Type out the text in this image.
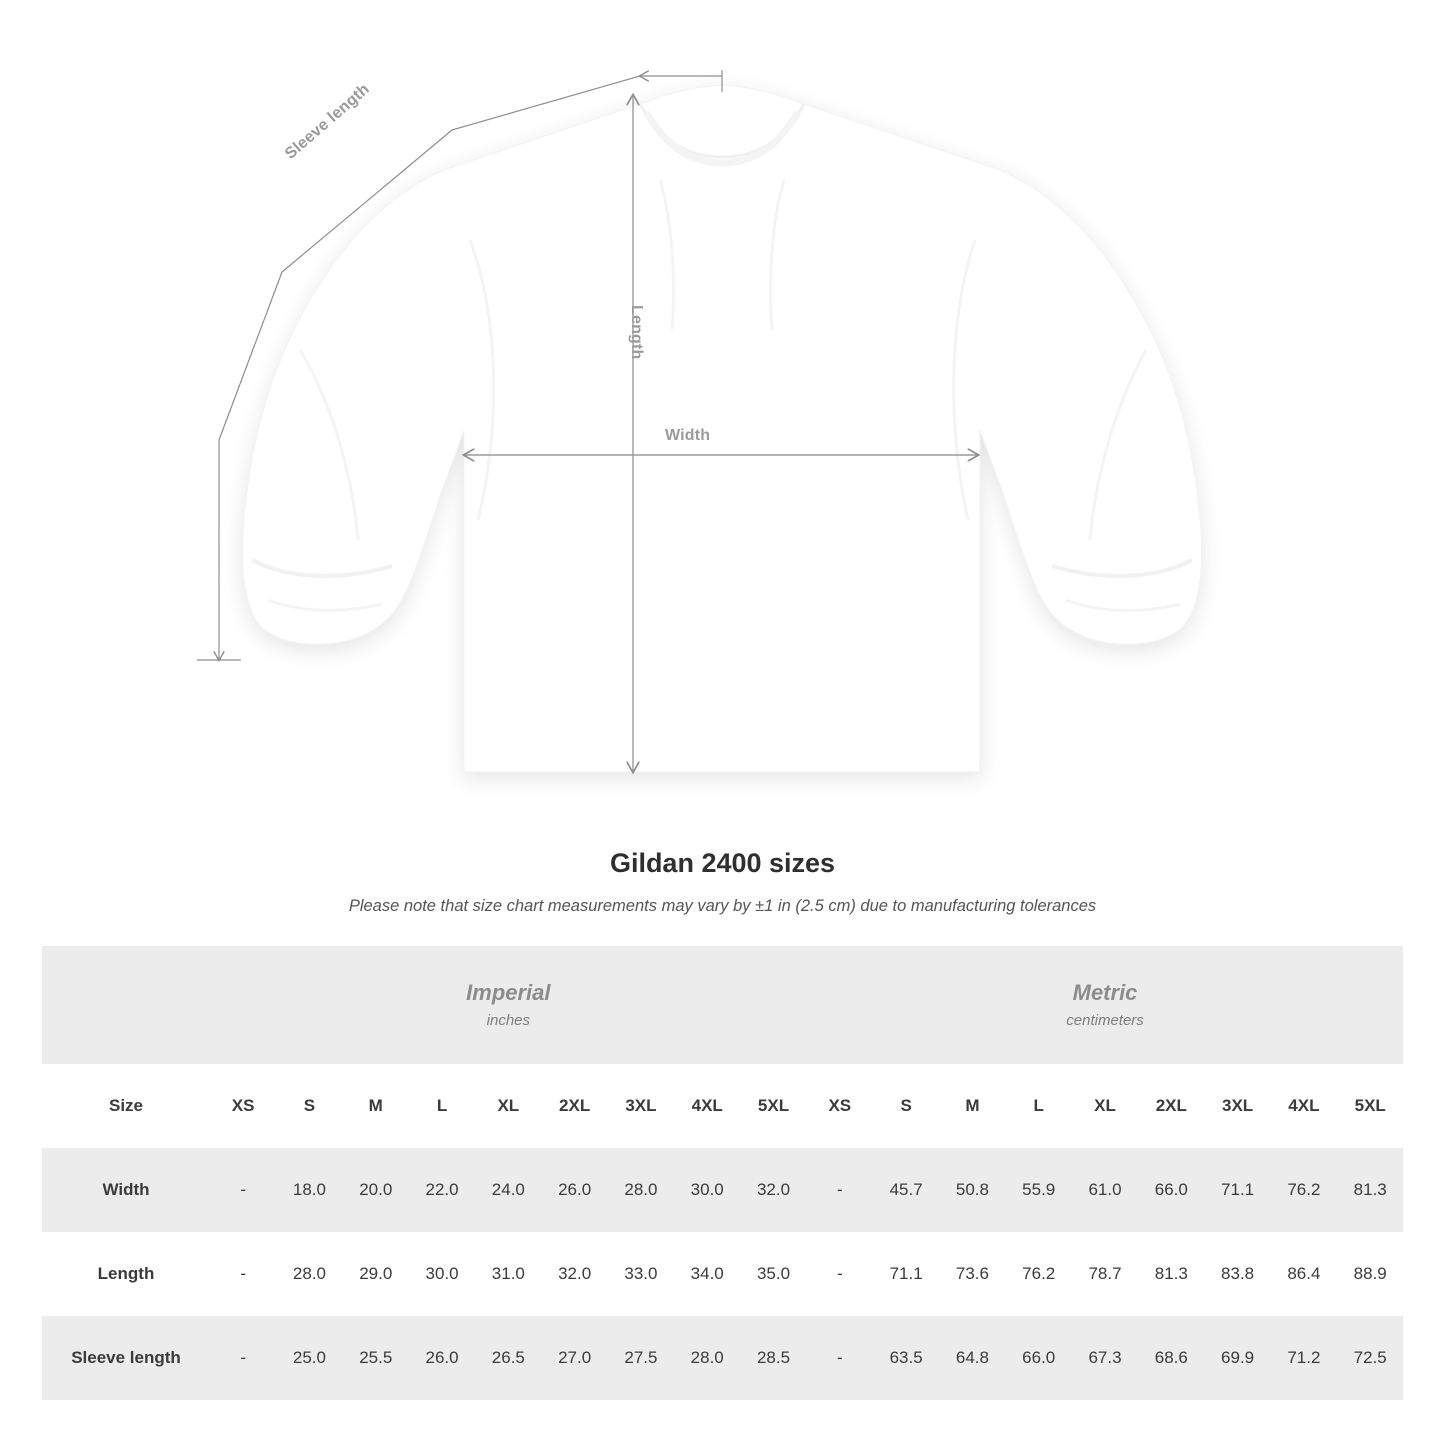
Sleeve length
Length
Width
Gildan 2400 sizes

Please note that size chart measurements may vary by ±1 in (2.5 cm) due to manufacturing tolerances

	Imperial
inches									Metric
centimeters								

Size	XS	S	M	L	XL	2XL	3XL	4XL	5XL	XS	S	M	L	XL	2XL	3XL	4XL	5XL
Width	-	18.0	20.0	22.0	24.0	26.0	28.0	30.0	32.0	-	45.7	50.8	55.9	61.0	66.0	71.1	76.2	81.3
Length	-	28.0	29.0	30.0	31.0	32.0	33.0	34.0	35.0	-	71.1	73.6	76.2	78.7	81.3	83.8	86.4	88.9
Sleeve length	-	25.0	25.5	26.0	26.5	27.0	27.5	28.0	28.5	-	63.5	64.8	66.0	67.3	68.6	69.9	71.2	72.5
